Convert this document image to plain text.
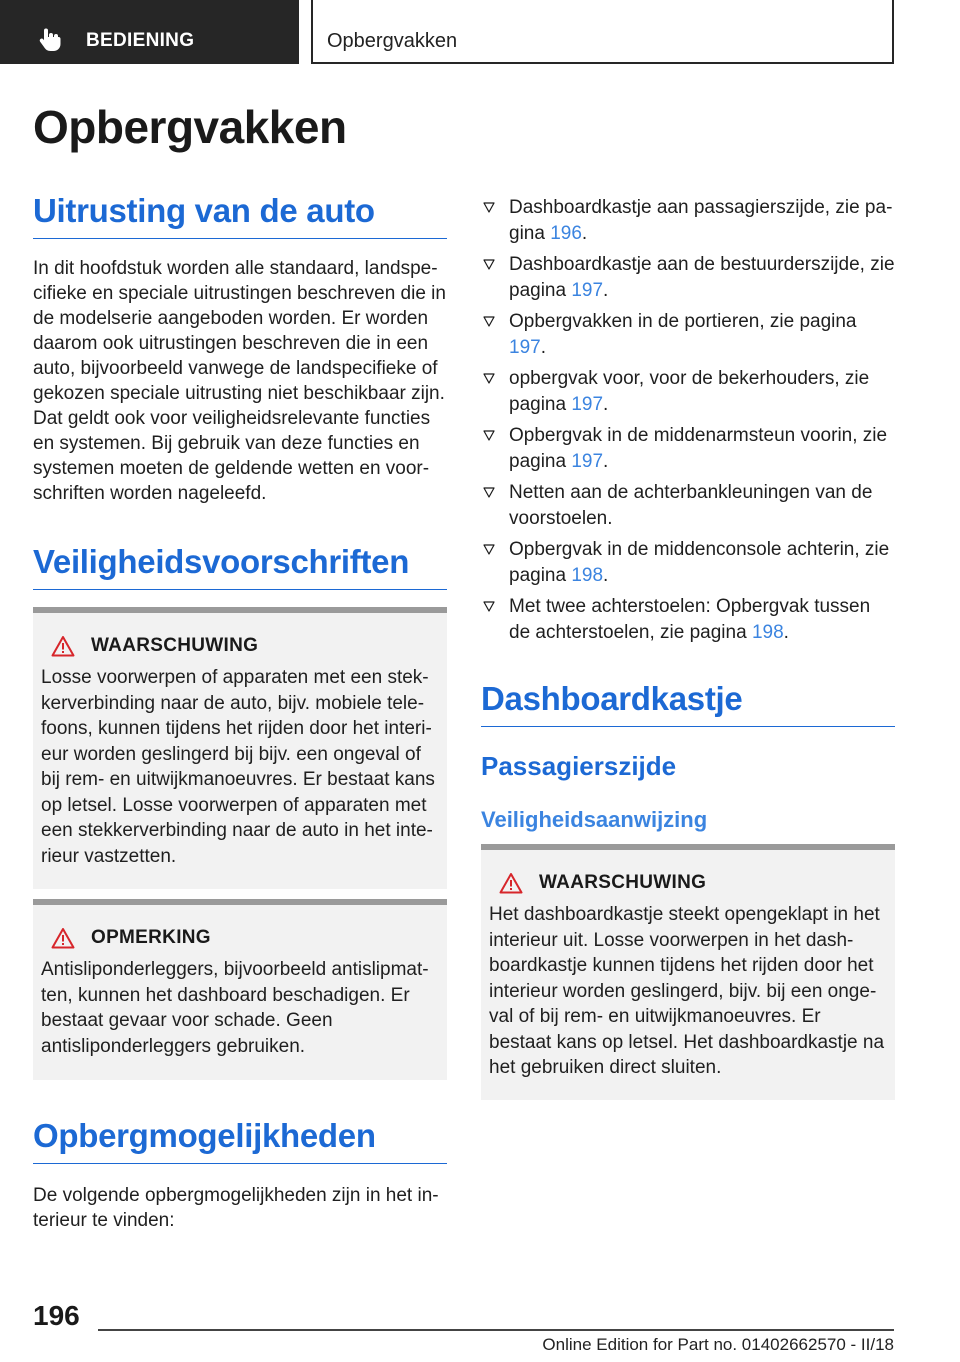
BEDIENING	Opbergvakken
Opbergvakken
Uitrusting van de auto

In dit hoofdstuk worden alle standaard, landspecifieke en speciale uitrustingen beschreven die in de modelserie aangeboden worden. Er worden daarom ook uitrustingen beschreven die in een auto, bijvoorbeeld vanwege de landspecifieke of gekozen speciale uitrusting niet beschikbaar zijn. Dat geldt ook voor veiligheidsrelevante functies en systemen. Bij gebruik van deze functies en systemen moeten de geldende wetten en voorschriften worden nageleefd.

Veiligheidsvoorschriften
WAARSCHUWING

Losse voorwerpen of apparaten met een stekkerverbinding naar de auto, bijv. mobiele telefoons, kunnen tijdens het rijden door het interieur worden geslingerd bij bijv. een ongeval of bij rem- en uitwijkmanoeuvres. Er bestaat kans op letsel. Losse voorwerpen of apparaten met een stekkerverbinding naar de auto in het interieur vastzetten.

OPMERKING

Antisliponderleggers, bijvoorbeeld antislipmatten, kunnen het dashboard beschadigen. Er bestaat gevaar voor schade. Geen antisliponderleggers gebruiken.

Opbergmogelijkheden

De volgende opbergmogelijkheden zijn in het interieur te vinden:

Dashboardkastje aan passagierszijde, zie pagina 196.
Dashboardkastje aan de bestuurderszijde, zie pagina 197.
Opbergvakken in de portieren, zie pagina 197.
opbergvak voor, voor de bekerhouders, zie pagina 197.
Opbergvak in de middenarmsteun voorin, zie pagina 197.
Netten aan de achterbankleuningen van de voorstoelen.
Opbergvak in de middenconsole achterin, zie pagina 198.
Met twee achterstoelen: Opbergvak tussen de achterstoelen, zie pagina 198.
Dashboardkastje
Passagierszijde
Veiligheidsaanwijzing
WAARSCHUWING

Het dashboardkastje steekt opengeklapt in het interieur uit. Losse voorwerpen in het dashboardkastje kunnen tijdens het rijden door het interieur worden geslingerd, bijv. bij een ongeval of bij rem- en uitwijkmanoeuvres. Er bestaat kans op letsel. Het dashboardkastje na het gebruiken direct sluiten.

196
Online Edition for Part no. 01402662570 - II/18
